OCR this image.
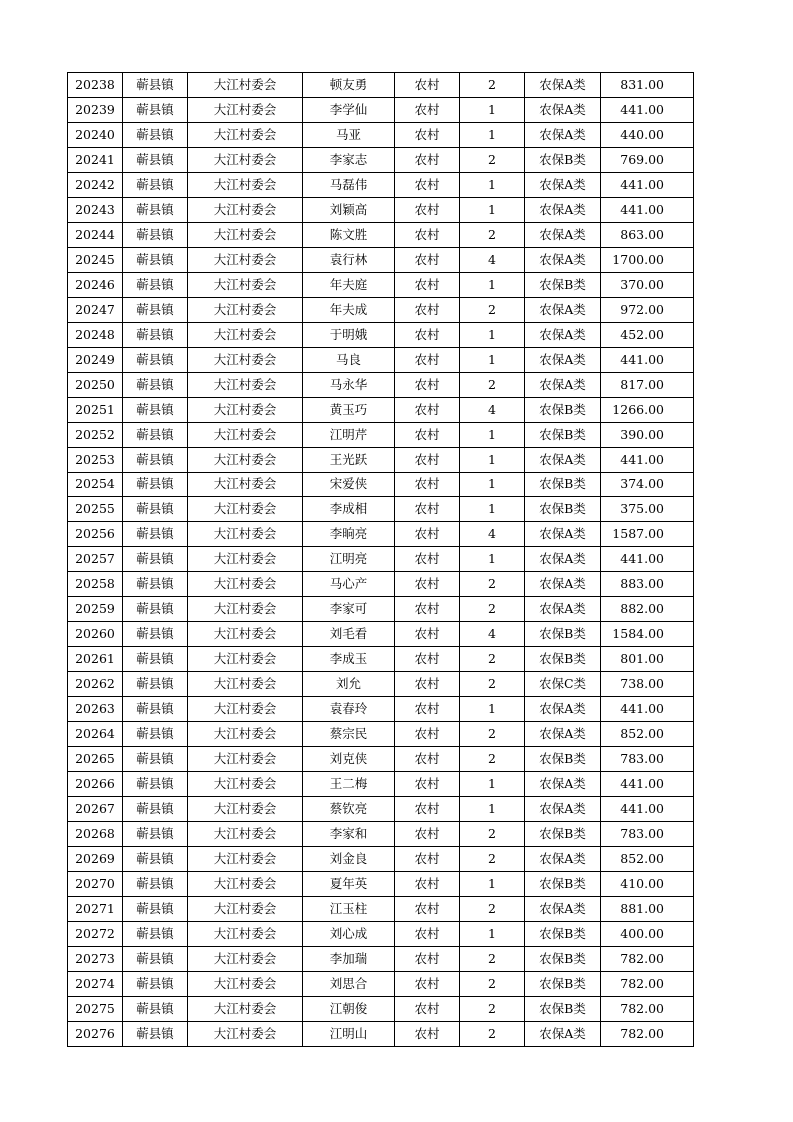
20238	蕲县镇	大江村委会	顿友勇	农村	2	农保A类	831.00
20239	蕲县镇	大江村委会	李学仙	农村	1	农保A类	441.00
20240	蕲县镇	大江村委会	马亚	农村	1	农保A类	440.00
20241	蕲县镇	大江村委会	李家志	农村	2	农保B类	769.00
20242	蕲县镇	大江村委会	马磊伟	农村	1	农保A类	441.00
20243	蕲县镇	大江村委会	刘颖高	农村	1	农保A类	441.00
20244	蕲县镇	大江村委会	陈文胜	农村	2	农保A类	863.00
20245	蕲县镇	大江村委会	袁行林	农村	4	农保A类	1700.00
20246	蕲县镇	大江村委会	年夫庭	农村	1	农保B类	370.00
20247	蕲县镇	大江村委会	年夫成	农村	2	农保A类	972.00
20248	蕲县镇	大江村委会	于明娥	农村	1	农保A类	452.00
20249	蕲县镇	大江村委会	马良	农村	1	农保A类	441.00
20250	蕲县镇	大江村委会	马永华	农村	2	农保A类	817.00
20251	蕲县镇	大江村委会	黄玉巧	农村	4	农保B类	1266.00
20252	蕲县镇	大江村委会	江明芹	农村	1	农保B类	390.00
20253	蕲县镇	大江村委会	王光跃	农村	1	农保A类	441.00
20254	蕲县镇	大江村委会	宋爱侠	农村	1	农保B类	374.00
20255	蕲县镇	大江村委会	李成相	农村	1	农保B类	375.00
20256	蕲县镇	大江村委会	李晌亮	农村	4	农保A类	1587.00
20257	蕲县镇	大江村委会	江明亮	农村	1	农保A类	441.00
20258	蕲县镇	大江村委会	马心产	农村	2	农保A类	883.00
20259	蕲县镇	大江村委会	李家可	农村	2	农保A类	882.00
20260	蕲县镇	大江村委会	刘毛看	农村	4	农保B类	1584.00
20261	蕲县镇	大江村委会	李成玉	农村	2	农保B类	801.00
20262	蕲县镇	大江村委会	刘允	农村	2	农保C类	738.00
20263	蕲县镇	大江村委会	袁春玲	农村	1	农保A类	441.00
20264	蕲县镇	大江村委会	蔡宗民	农村	2	农保A类	852.00
20265	蕲县镇	大江村委会	刘克侠	农村	2	农保B类	783.00
20266	蕲县镇	大江村委会	王二梅	农村	1	农保A类	441.00
20267	蕲县镇	大江村委会	蔡钦亮	农村	1	农保A类	441.00
20268	蕲县镇	大江村委会	李家和	农村	2	农保B类	783.00
20269	蕲县镇	大江村委会	刘金良	农村	2	农保A类	852.00
20270	蕲县镇	大江村委会	夏年英	农村	1	农保B类	410.00
20271	蕲县镇	大江村委会	江玉柱	农村	2	农保A类	881.00
20272	蕲县镇	大江村委会	刘心成	农村	1	农保B类	400.00
20273	蕲县镇	大江村委会	李加瑞	农村	2	农保B类	782.00
20274	蕲县镇	大江村委会	刘思合	农村	2	农保B类	782.00
20275	蕲县镇	大江村委会	江朝俊	农村	2	农保B类	782.00
20276	蕲县镇	大江村委会	江明山	农村	2	农保A类	782.00
